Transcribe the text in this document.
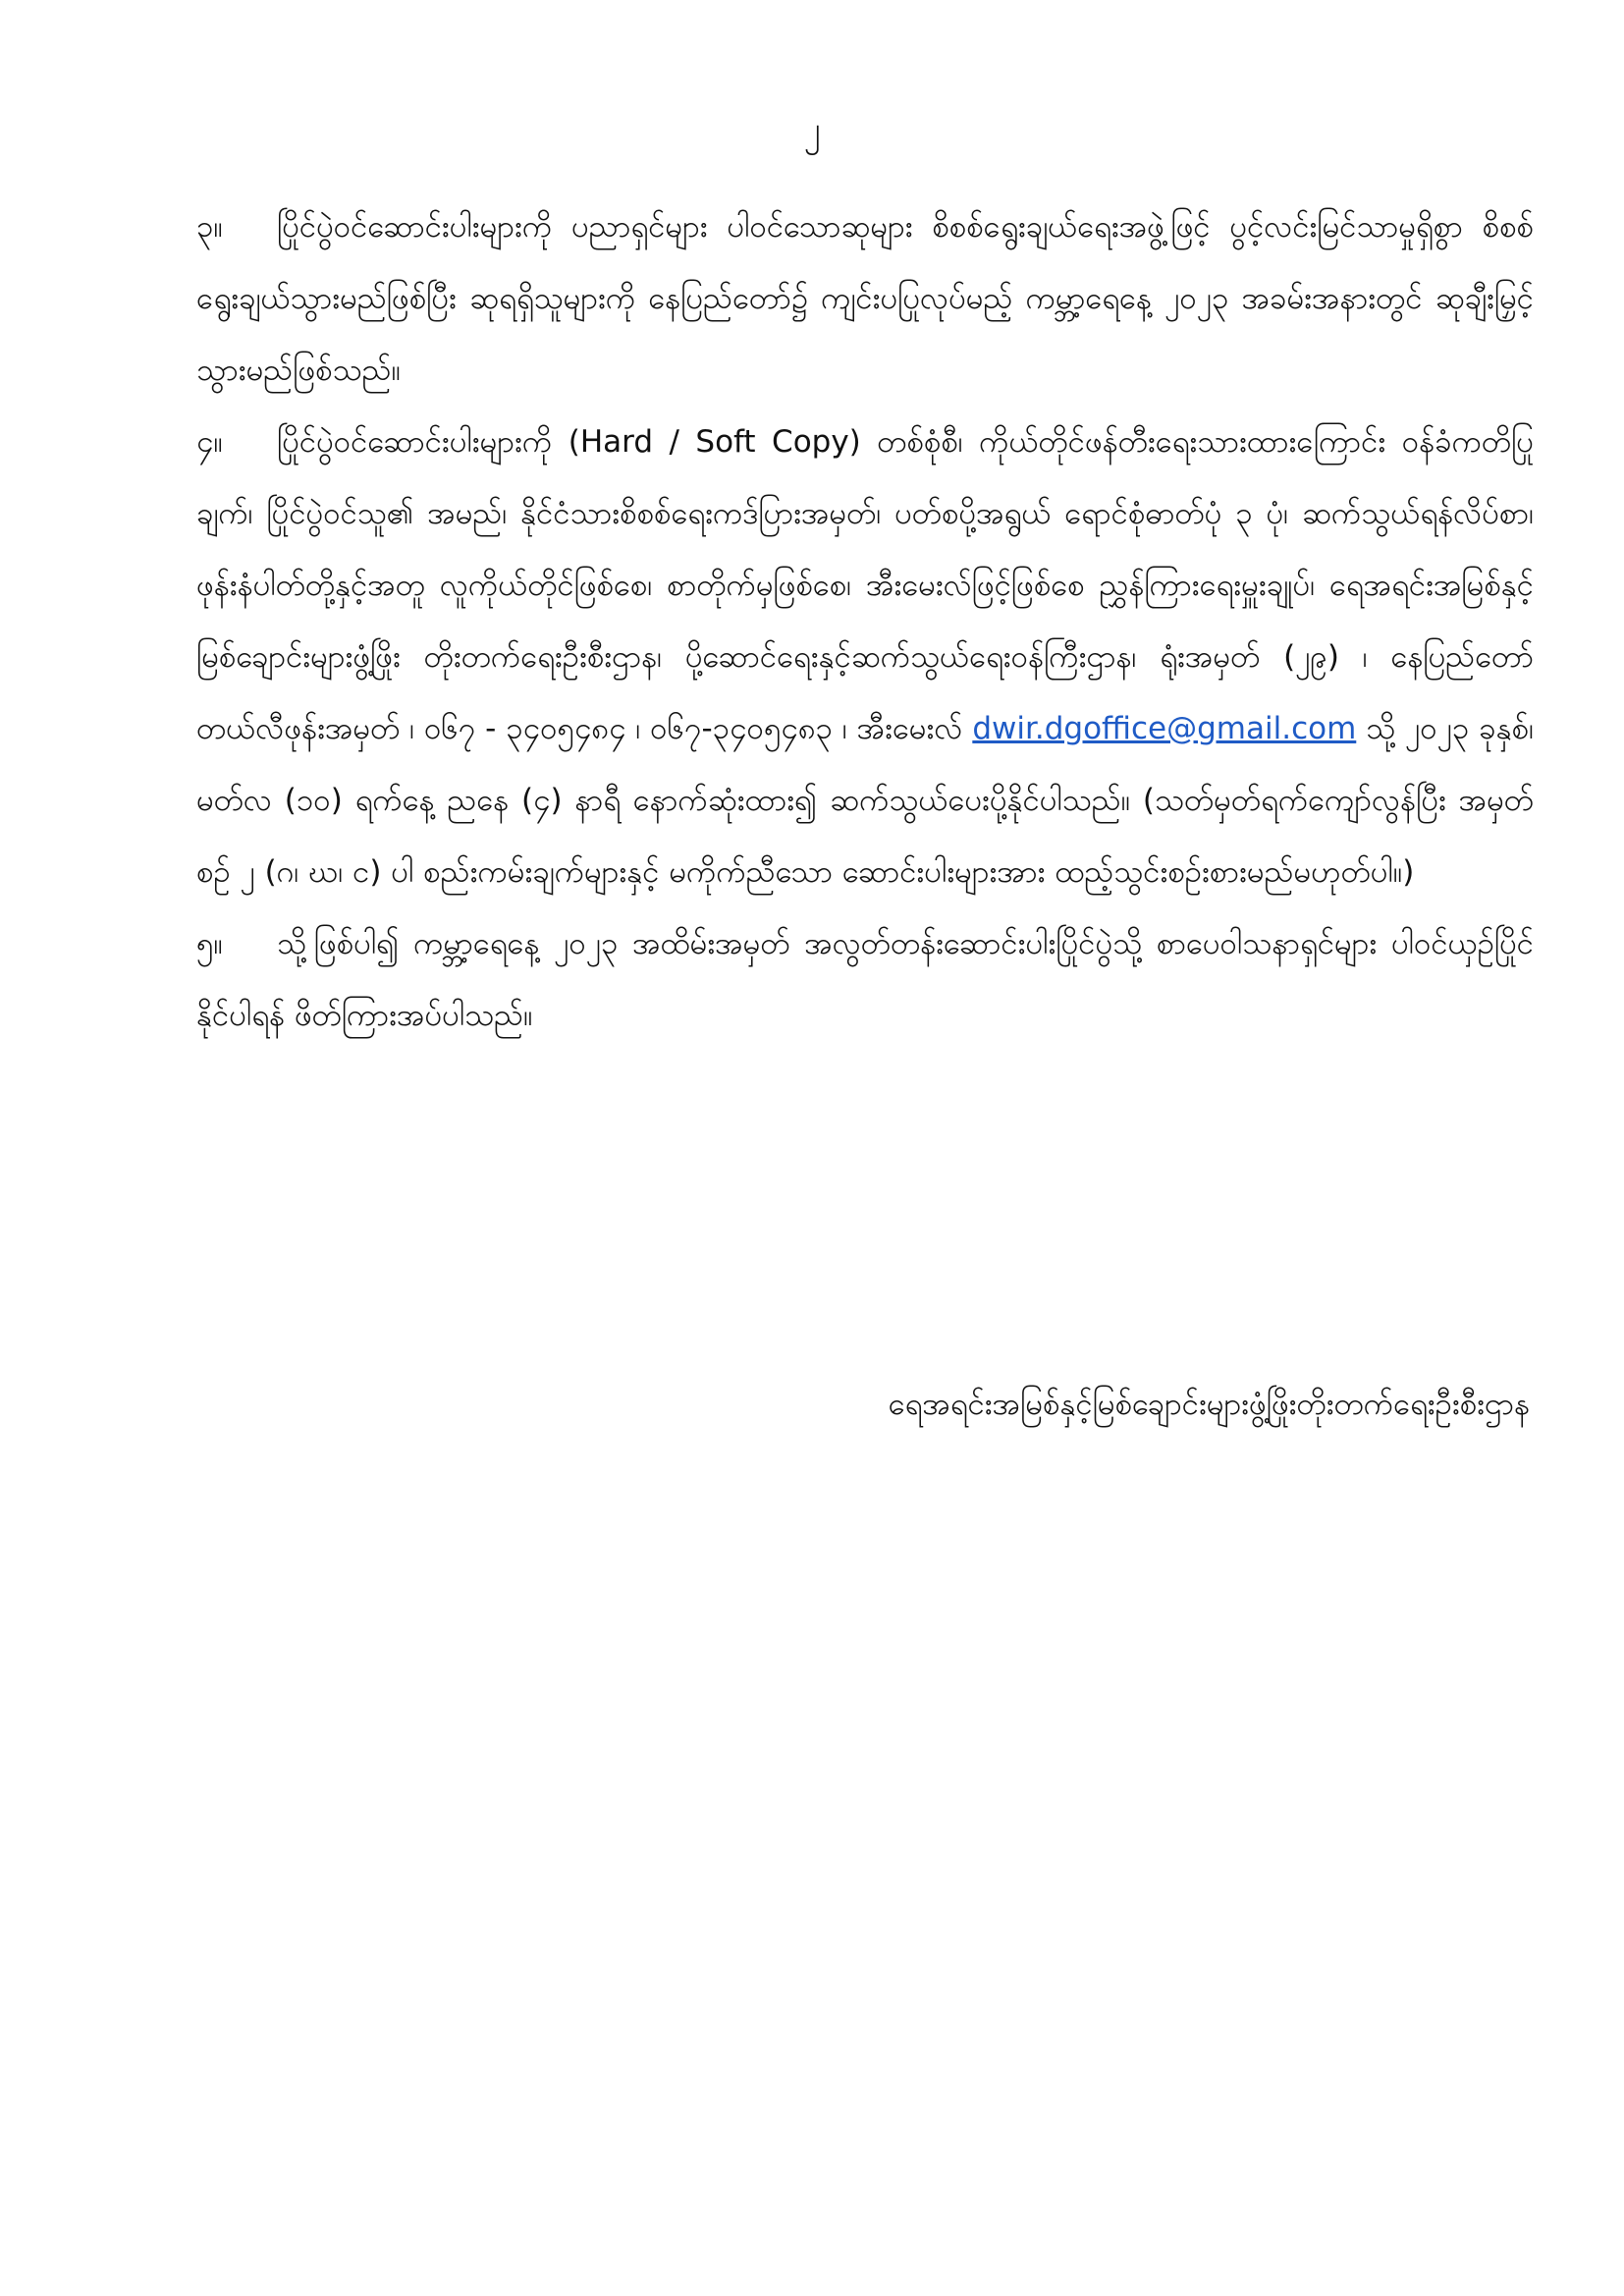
၂

၃။ ပြိုင်ပွဲဝင်ဆောင်းပါးများကို ပညာရှင်များ ပါဝင်သောဆုများ စိစစ်ရွေးချယ်ရေးအဖွဲ့ဖြင့် ပွင့်လင်းမြင်သာမှုရှိစွာ စိစစ်ရွေးချယ်သွားမည်ဖြစ်ပြီး ဆုရရှိသူများကို နေပြည်တော်၌ ကျင်းပပြုလုပ်မည့် ကမ္ဘာ့ရေနေ့ ၂၀၂၃ အခမ်းအနားတွင် ဆုချီးမြှင့်သွားမည်ဖြစ်သည်။

၄။ ပြိုင်ပွဲဝင်ဆောင်းပါးများကို (Hard / Soft Copy) တစ်စုံစီ၊ ကိုယ်တိုင်ဖန်တီးရေးသားထားကြောင်း ဝန်ခံကတိပြုချက်၊ ပြိုင်ပွဲဝင်သူ၏ အမည်၊ နိုင်ငံသားစိစစ်ရေးကဒ်ပြားအမှတ်၊ ပတ်စပို့အရွယ် ရောင်စုံဓာတ်ပုံ ၃ ပုံ၊ ဆက်သွယ်ရန်လိပ်စာ၊ ဖုန်းနံပါတ်တို့နှင့်အတူ လူကိုယ်တိုင်ဖြစ်စေ၊ စာတိုက်မှဖြစ်စေ၊ အီးမေးလ်ဖြင့်ဖြစ်စေ ညွှန်ကြားရေးမှူးချုပ်၊ ရေအရင်းအမြစ်နှင့်မြစ်ချောင်းများဖွံ့ဖြိုး တိုးတက်ရေးဦးစီးဌာန၊ ပို့ဆောင်ရေးနှင့်ဆက်သွယ်ရေးဝန်ကြီးဌာန၊ ရုံးအမှတ် (၂၉) ၊ နေပြည်တော် တယ်လီဖုန်းအမှတ် ၊ ၀၆၇ - ၃၄၀၅၄၈၄ ၊ ၀၆၇-၃၄၀၅၄၈၃ ၊ အီးမေးလ် dwir.dgoffice@gmail.com သို့ ၂၀၂၃ ခုနှစ်၊ မတ်လ (၁၀) ရက်နေ့ ညနေ (၄) နာရီ နောက်ဆုံးထား၍ ဆက်သွယ်ပေးပို့နိုင်ပါသည်။ (သတ်မှတ်ရက်ကျော်လွန်ပြီး အမှတ်စဉ် ၂ (ဂ၊ ဃ၊ င) ပါ စည်းကမ်းချက်များနှင့် မကိုက်ညီသော ဆောင်းပါးများအား ထည့်သွင်းစဉ်းစားမည်မဟုတ်ပါ။)

၅။ သို့ဖြစ်ပါ၍ ကမ္ဘာ့ရေနေ့ ၂၀၂၃ အထိမ်းအမှတ် အလွတ်တန်းဆောင်းပါးပြိုင်ပွဲသို့ စာပေဝါသနာရှင်များ ပါဝင်ယှဉ်ပြိုင်နိုင်ပါရန် ဖိတ်ကြားအပ်ပါသည်။

ရေအရင်းအမြစ်နှင့်မြစ်ချောင်းများဖွံ့ဖြိုးတိုးတက်ရေးဦးစီးဌာန
